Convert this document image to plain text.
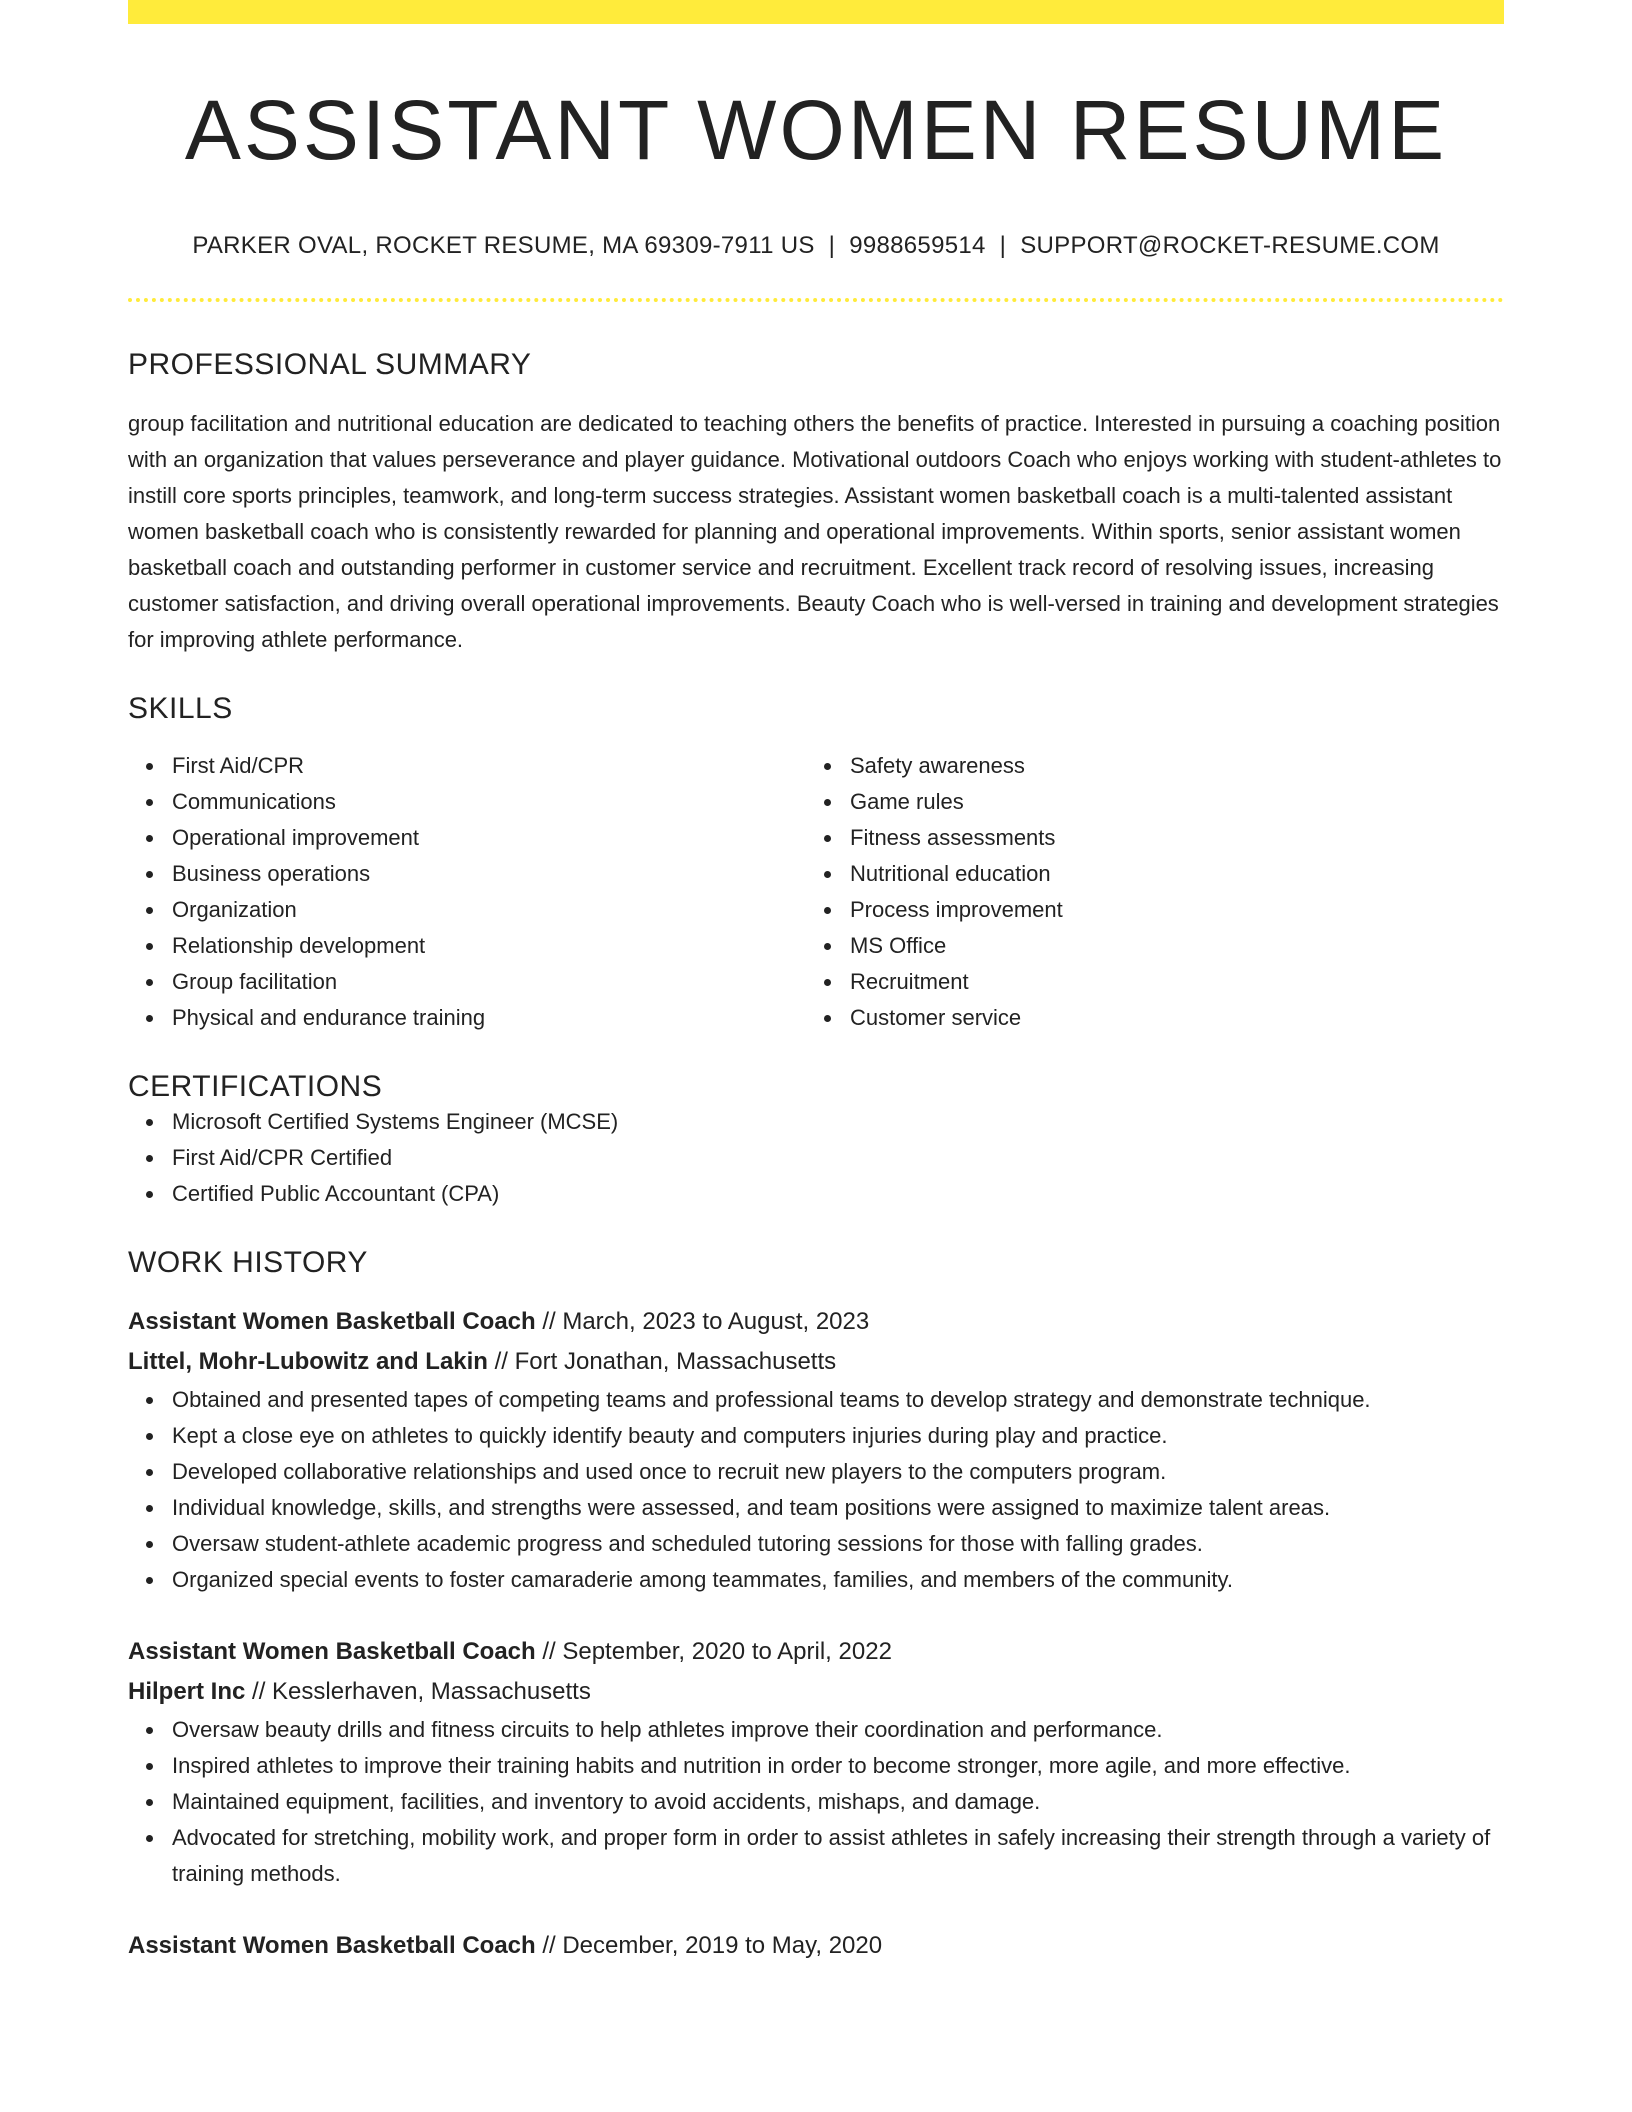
ASSISTANT WOMEN RESUME
PARKER OVAL, ROCKET RESUME, MA 69309-7911 US | 9988659514 | SUPPORT@ROCKET-RESUME.COM
PROFESSIONAL SUMMARY

group facilitation and nutritional education are dedicated to teaching others the benefits of practice. Interested in pursuing a coaching position with an organization that values perseverance and player guidance. Motivational outdoors Coach who enjoys working with student-athletes to instill core sports principles, teamwork, and long-term success strategies. Assistant women basketball coach is a multi-talented assistant women basketball coach who is consistently rewarded for planning and operational improvements. Within sports, senior assistant women basketball coach and outstanding performer in customer service and recruitment. Excellent track record of resolving issues, increasing customer satisfaction, and driving overall operational improvements. Beauty Coach who is well-versed in training and development strategies for improving athlete performance.

SKILLS
First Aid/CPR
Communications
Operational improvement
Business operations
Organization
Relationship development
Group facilitation
Physical and endurance training
Safety awareness
Game rules
Fitness assessments
Nutritional education
Process improvement
MS Office
Recruitment
Customer service
CERTIFICATIONS
Microsoft Certified Systems Engineer (MCSE)
First Aid/CPR Certified
Certified Public Accountant (CPA)
WORK HISTORY
Assistant Women Basketball Coach // March, 2023 to August, 2023
Littel, Mohr-Lubowitz and Lakin // Fort Jonathan, Massachusetts
Obtained and presented tapes of competing teams and professional teams to develop strategy and demonstrate technique.
Kept a close eye on athletes to quickly identify beauty and computers injuries during play and practice.
Developed collaborative relationships and used once to recruit new players to the computers program.
Individual knowledge, skills, and strengths were assessed, and team positions were assigned to maximize talent areas.
Oversaw student-athlete academic progress and scheduled tutoring sessions for those with falling grades.
Organized special events to foster camaraderie among teammates, families, and members of the community.
Assistant Women Basketball Coach // September, 2020 to April, 2022
Hilpert Inc // Kesslerhaven, Massachusetts
Oversaw beauty drills and fitness circuits to help athletes improve their coordination and performance.
Inspired athletes to improve their training habits and nutrition in order to become stronger, more agile, and more effective.
Maintained equipment, facilities, and inventory to avoid accidents, mishaps, and damage.
Advocated for stretching, mobility work, and proper form in order to assist athletes in safely increasing their strength through a variety of training methods.
Assistant Women Basketball Coach // December, 2019 to May, 2020
